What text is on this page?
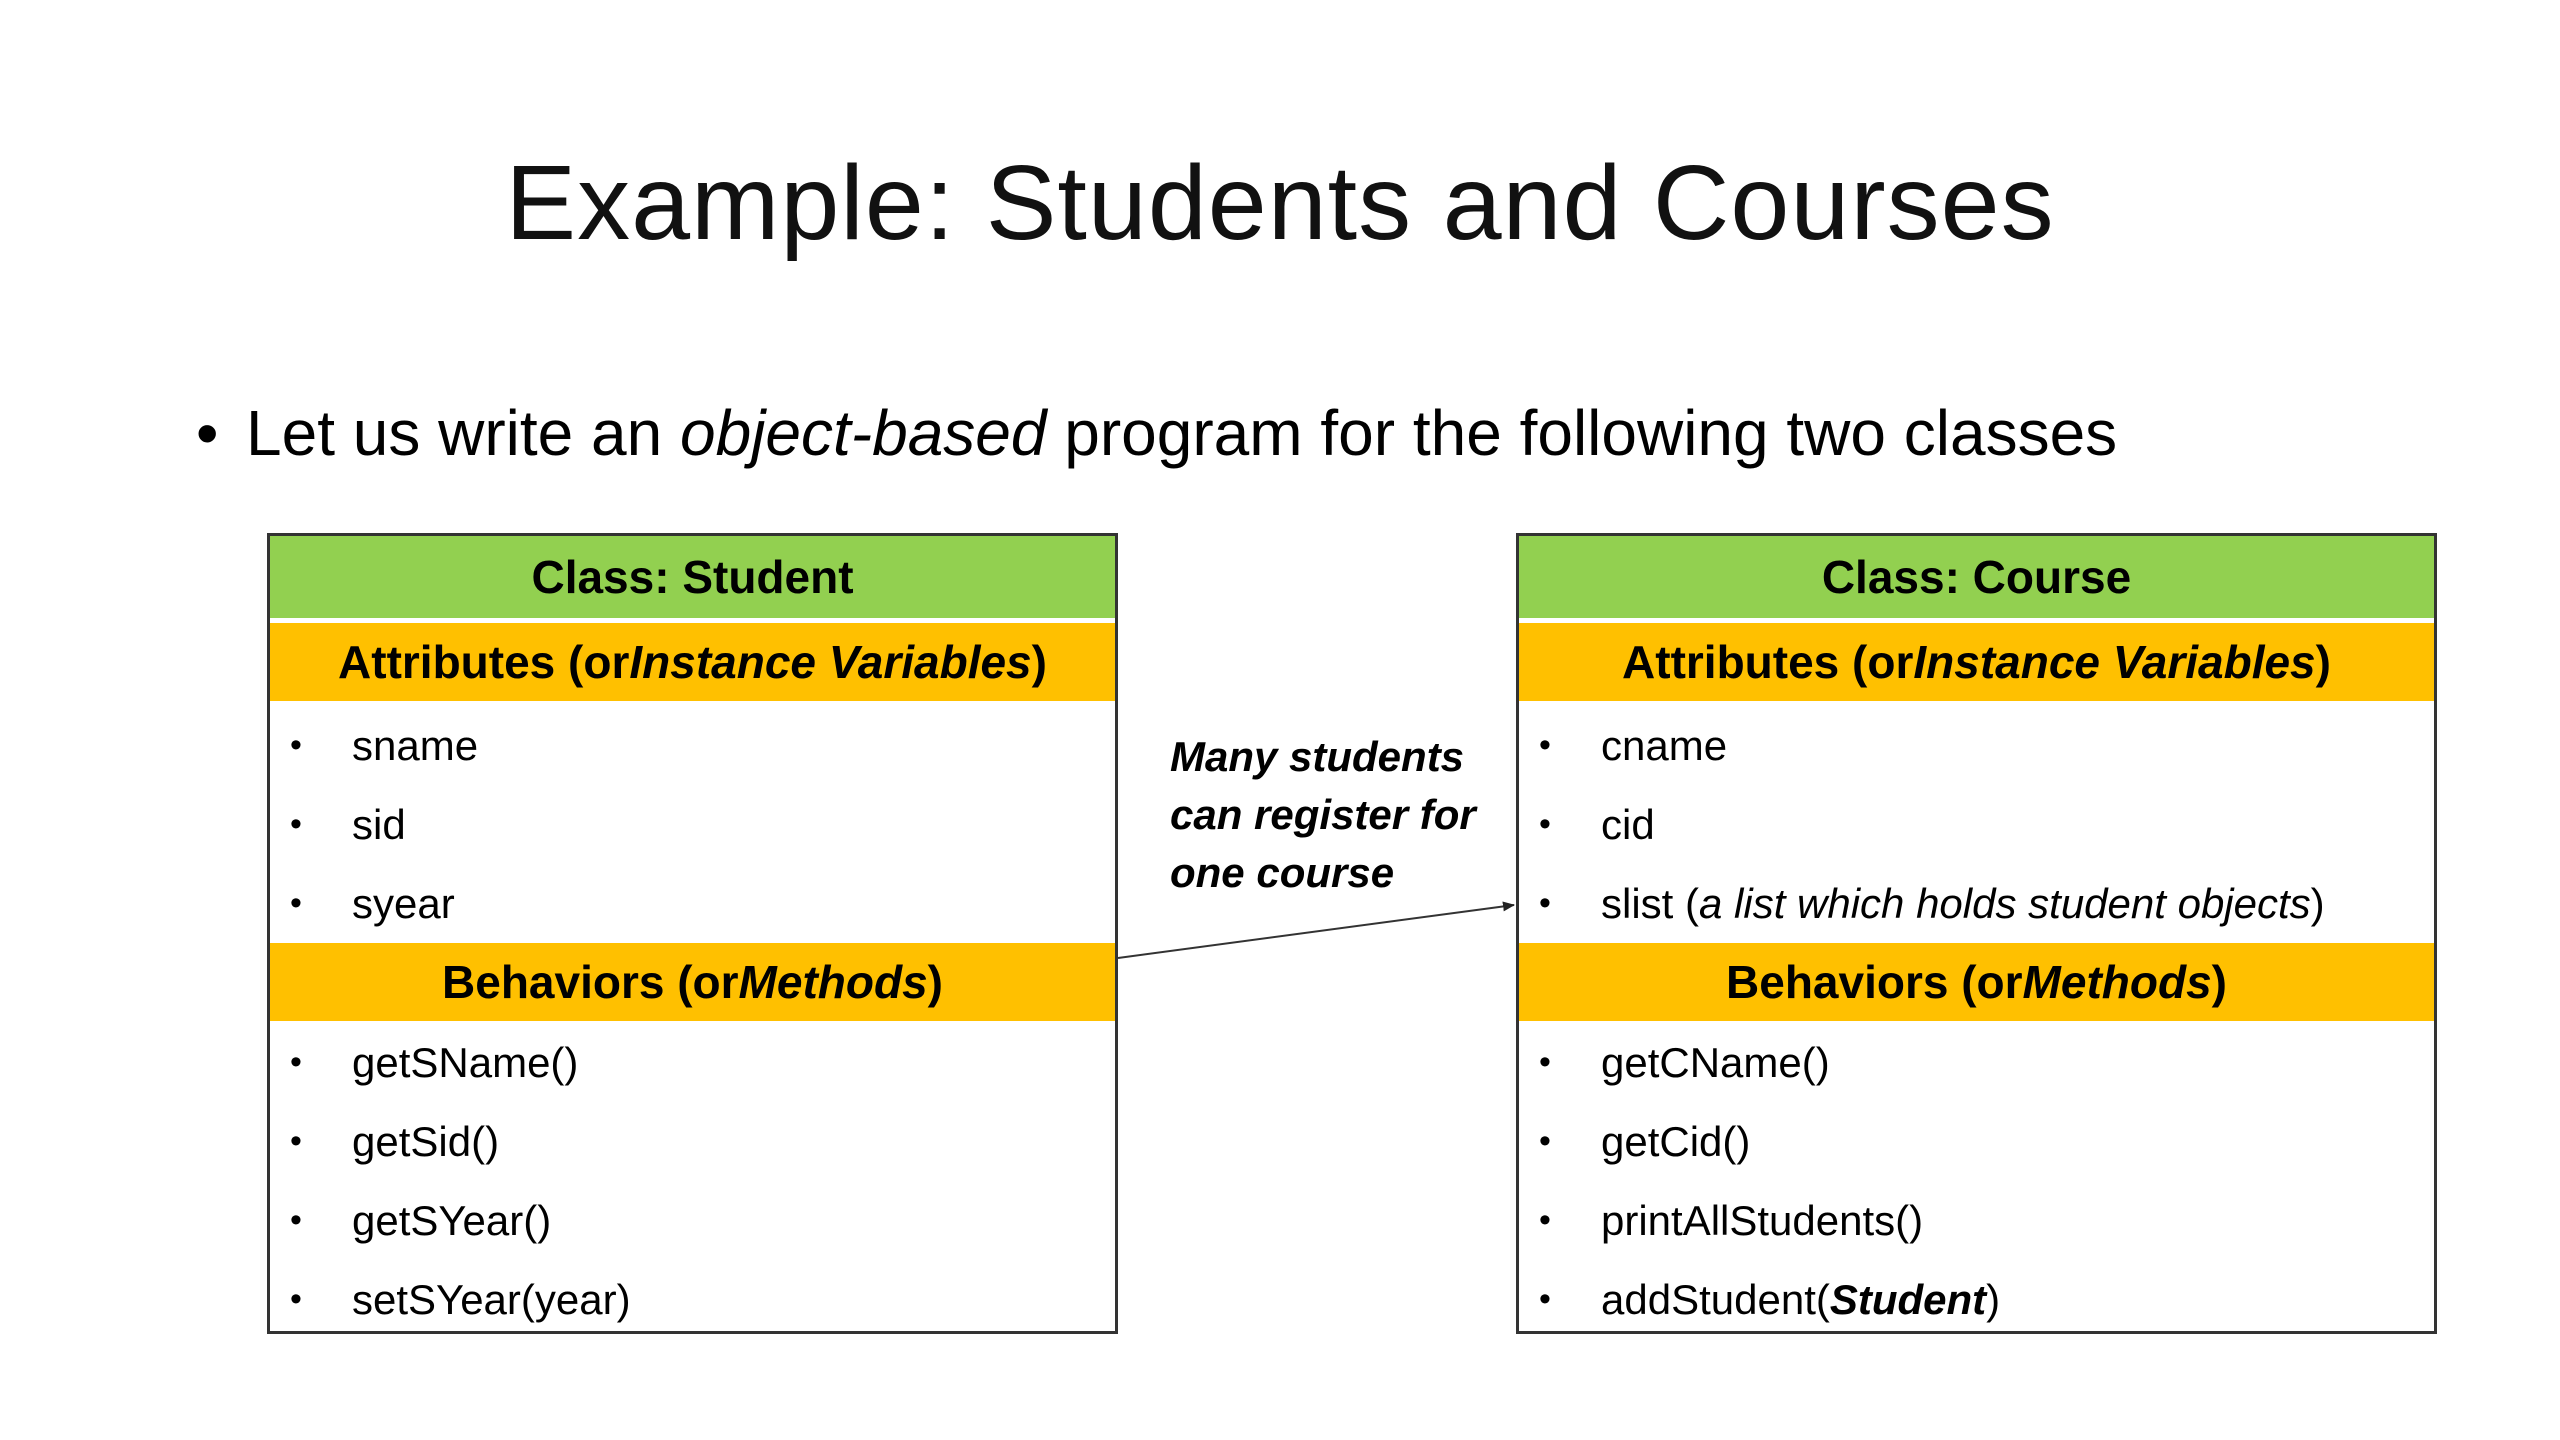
Example: Students and Courses
• Let us write an object-based program for the following two classes
Class: Student
Attributes (or Instance Variables )
•	sname
•	sid
•	syear
Behaviors (or Methods )
•	getSName()
•	getSid()
•	getSYear()
•	setSYear(year)
Many students
can register for
one course
Class: Course
Attributes (or Instance Variables )
•	cname
•	cid
•	slist ( a list which holds student objects )
Behaviors (or Methods )
•	getCName()
•	getCid()
•	printAllStudents()
•	addStudent( Student )
